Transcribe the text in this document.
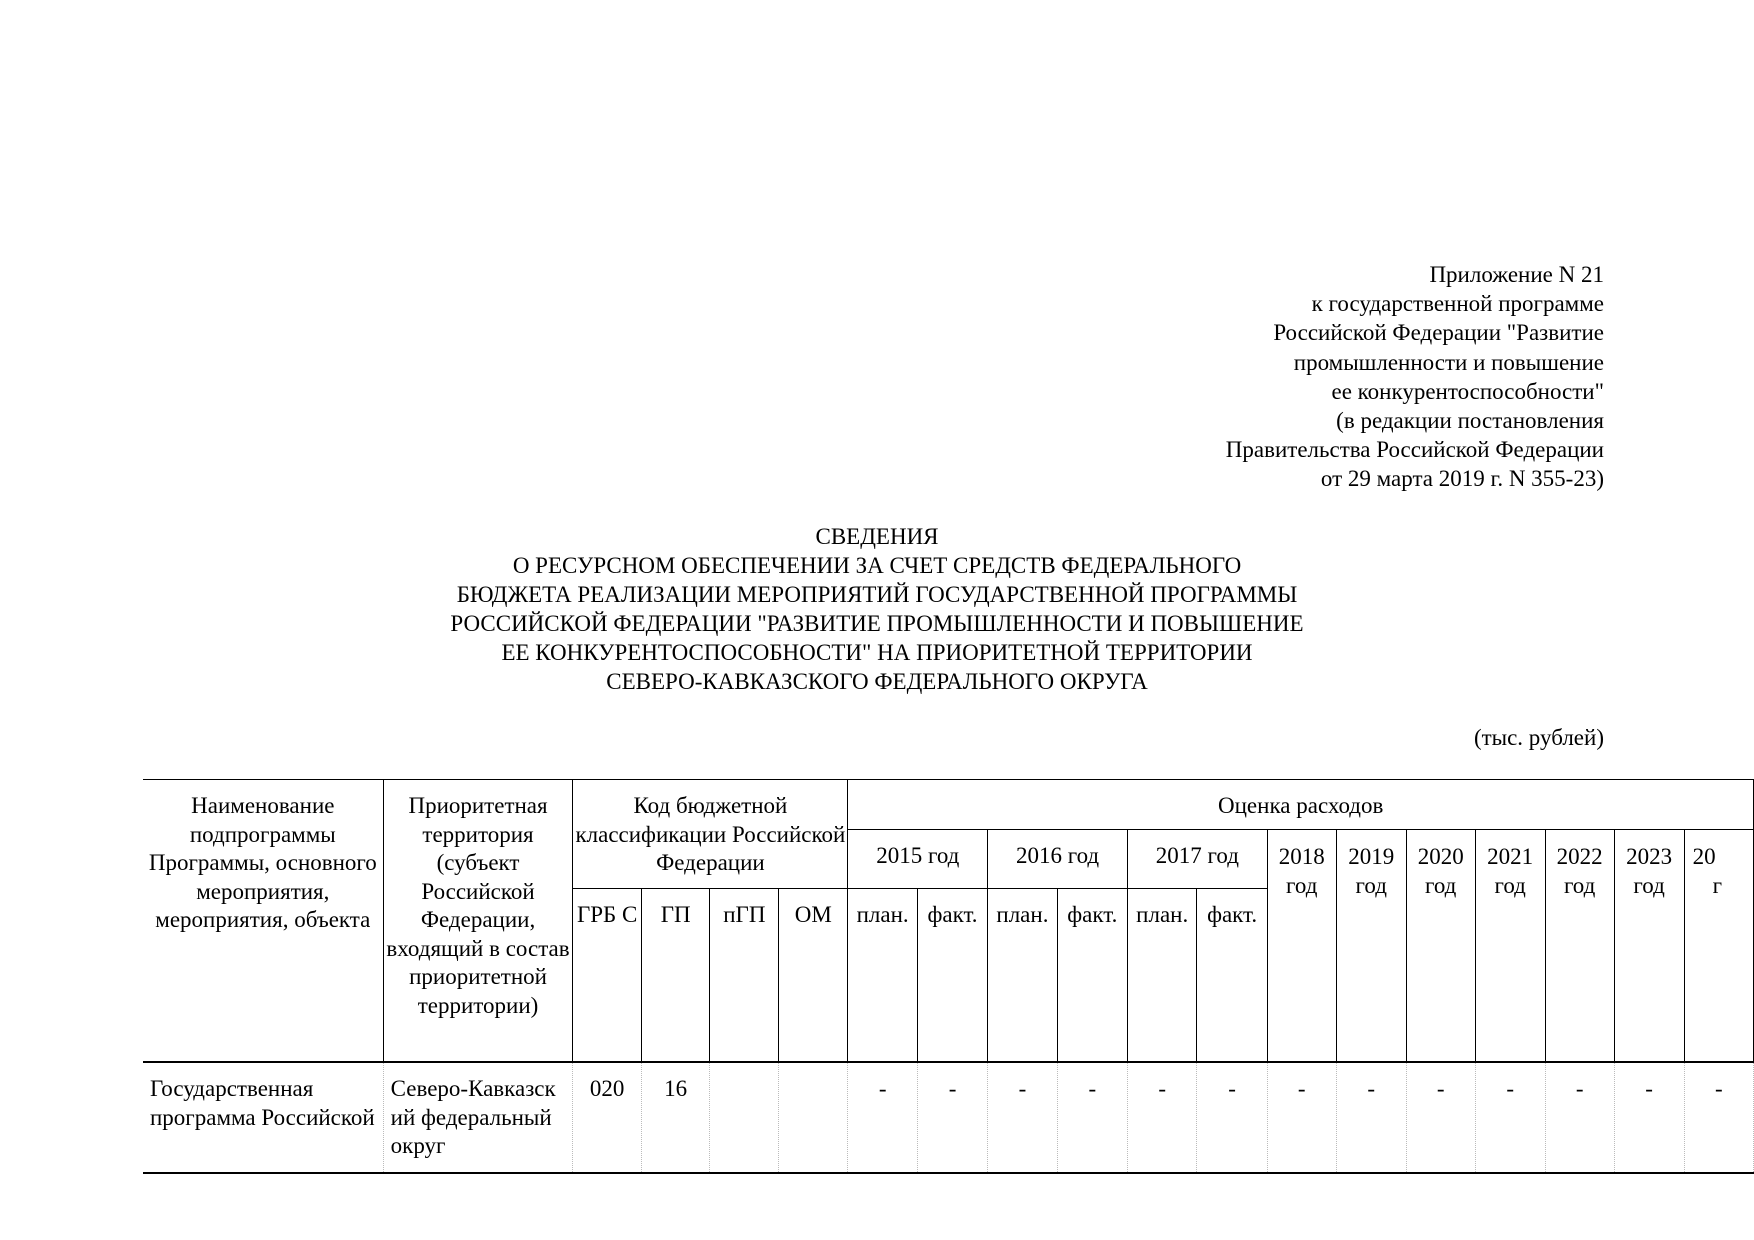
Приложение N 21
к государственной программе
Российской Федерации "Развитие
промышленности и повышение
ее конкурентоспособности"
(в редакции постановления
Правительства Российской Федерации
от 29 марта 2019 г. N 355-23)
СВЕДЕНИЯ
О РЕСУРСНОМ ОБЕСПЕЧЕНИИ ЗА СЧЕТ СРЕДСТВ ФЕДЕРАЛЬНОГО
БЮДЖЕТА РЕАЛИЗАЦИИ МЕРОПРИЯТИЙ ГОСУДАРСТВЕННОЙ ПРОГРАММЫ
РОССИЙСКОЙ ФЕДЕРАЦИИ "РАЗВИТИЕ ПРОМЫШЛЕННОСТИ И ПОВЫШЕНИЕ
ЕЕ КОНКУРЕНТОСПОСОБНОСТИ" НА ПРИОРИТЕТНОЙ ТЕРРИТОРИИ
СЕВЕРО-КАВКАЗСКОГО ФЕДЕРАЛЬНОГО ОКРУГА
(тыс. рублей)
Наименование подпрограммы Программы, основного мероприятия, мероприятия, объекта	Приоритетная территория (субъект Российской Федерации, входящий в состав приоритетной территории)	Код бюджетной классификации Российской Федерации				Оценка расходов												
						2015 год		2016 год		2017 год		2018 год	2019 год	2020 год	2021 год	2022 год	2023 год	20
г
		ГРБ С	ГП	пГП	ОМ	план.	факт.	план.	факт.	план.	факт.							
Государственная программа Российской	Северо-Кавказск ий федеральный округ	020	16			-	-	-	-	-	-	-	-	-	-	-	-	-
